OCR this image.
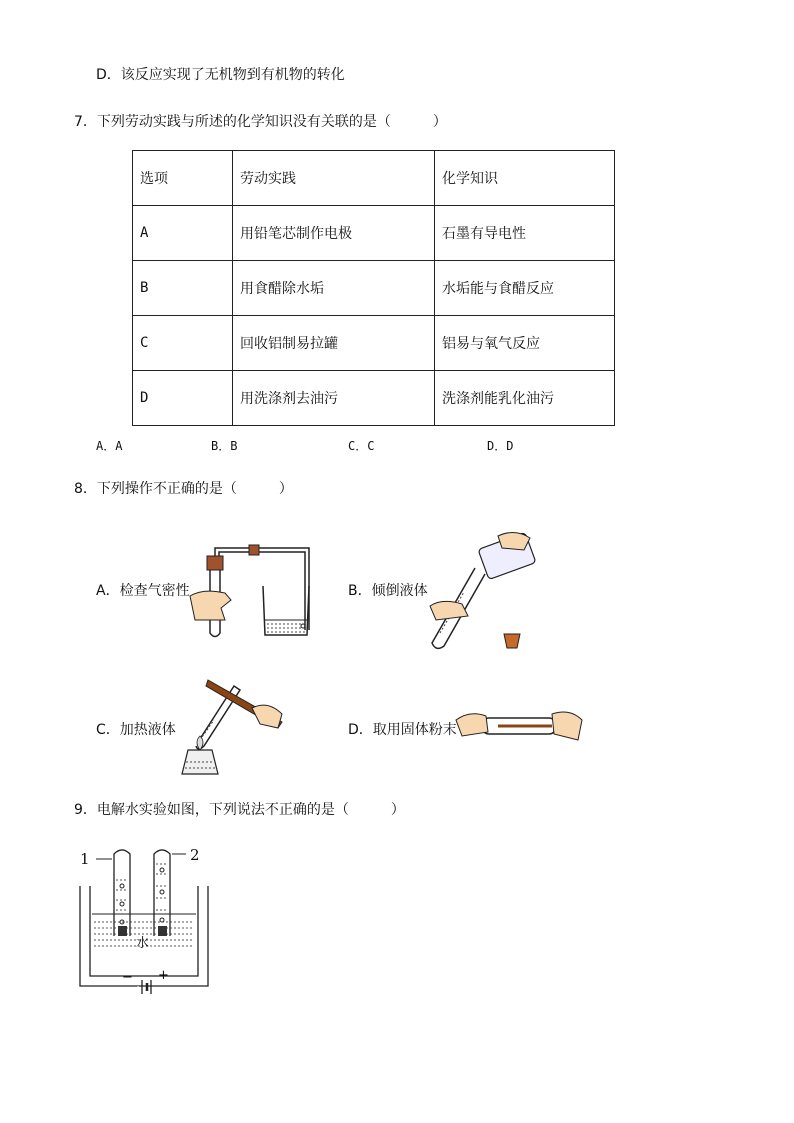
D．该反应实现了无机物到有机物的转化
7．下列劳动实践与所述的化学知识没有关联的是（　　　）
选项	劳动实践	化学知识
A	用铅笔芯制作电极	石墨有导电性
B	用食醋除水垢	水垢能与食醋反应
C	回收铝制易拉罐	铝易与氧气反应
D	用洗涤剂去油污	洗涤剂能乳化油污
A．A	B．B	C．C	D．D
8．下列操作不正确的是（　　　）
A．检查气密性	B．倾倒液体
C．加热液体	D．取用固体粉末
9．电解水实验如图，下列说法不正确的是（　　　）
1	2
水
− +
